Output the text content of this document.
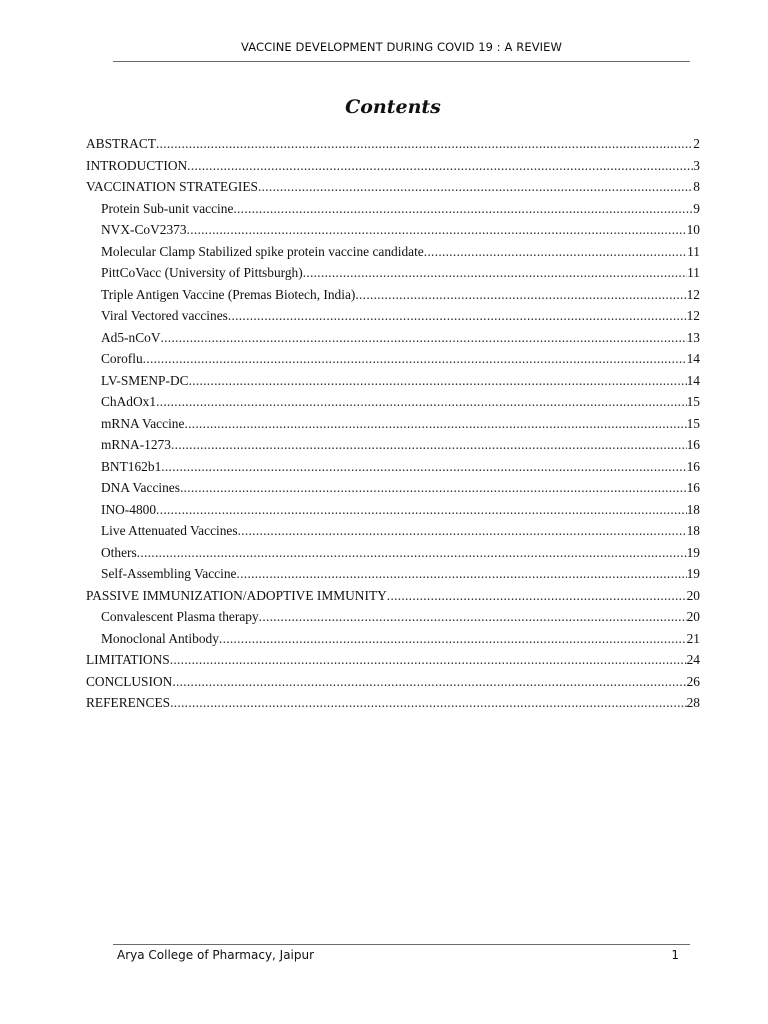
VACCINE DEVELOPMENT DURING COVID 19 : A REVIEW
Contents
ABSTRACT .....	2
INTRODUCTION .....	3
VACCINATION STRATEGIES .....	8
Protein Sub-unit vaccine .....	9
NVX-CoV2373 .....	10
Molecular Clamp Stabilized spike protein vaccine candidate .....	11
PittCoVacc (University of Pittsburgh) .....	11
Triple Antigen Vaccine (Premas Biotech, India) .....	12
Viral Vectored vaccines .....	12
Ad5-nCoV .....	13
Coroflu .....	14
LV-SMENP-DC .....	14
ChAdOx1 .....	15
mRNA Vaccine .....	15
mRNA-1273 .....	16
BNT162b1 .....	16
DNA Vaccines .....	16
INO-4800 .....	18
Live Attenuated Vaccines .....	18
Others .....	19
Self-Assembling Vaccine .....	19
PASSIVE IMMUNIZATION/ADOPTIVE IMMUNITY .....	20
Convalescent Plasma therapy .....	20
Monoclonal Antibody .....	21
LIMITATIONS .....	24
CONCLUSION .....	26
REFERENCES .....	28
Arya College of Pharmacy, Jaipur	1
